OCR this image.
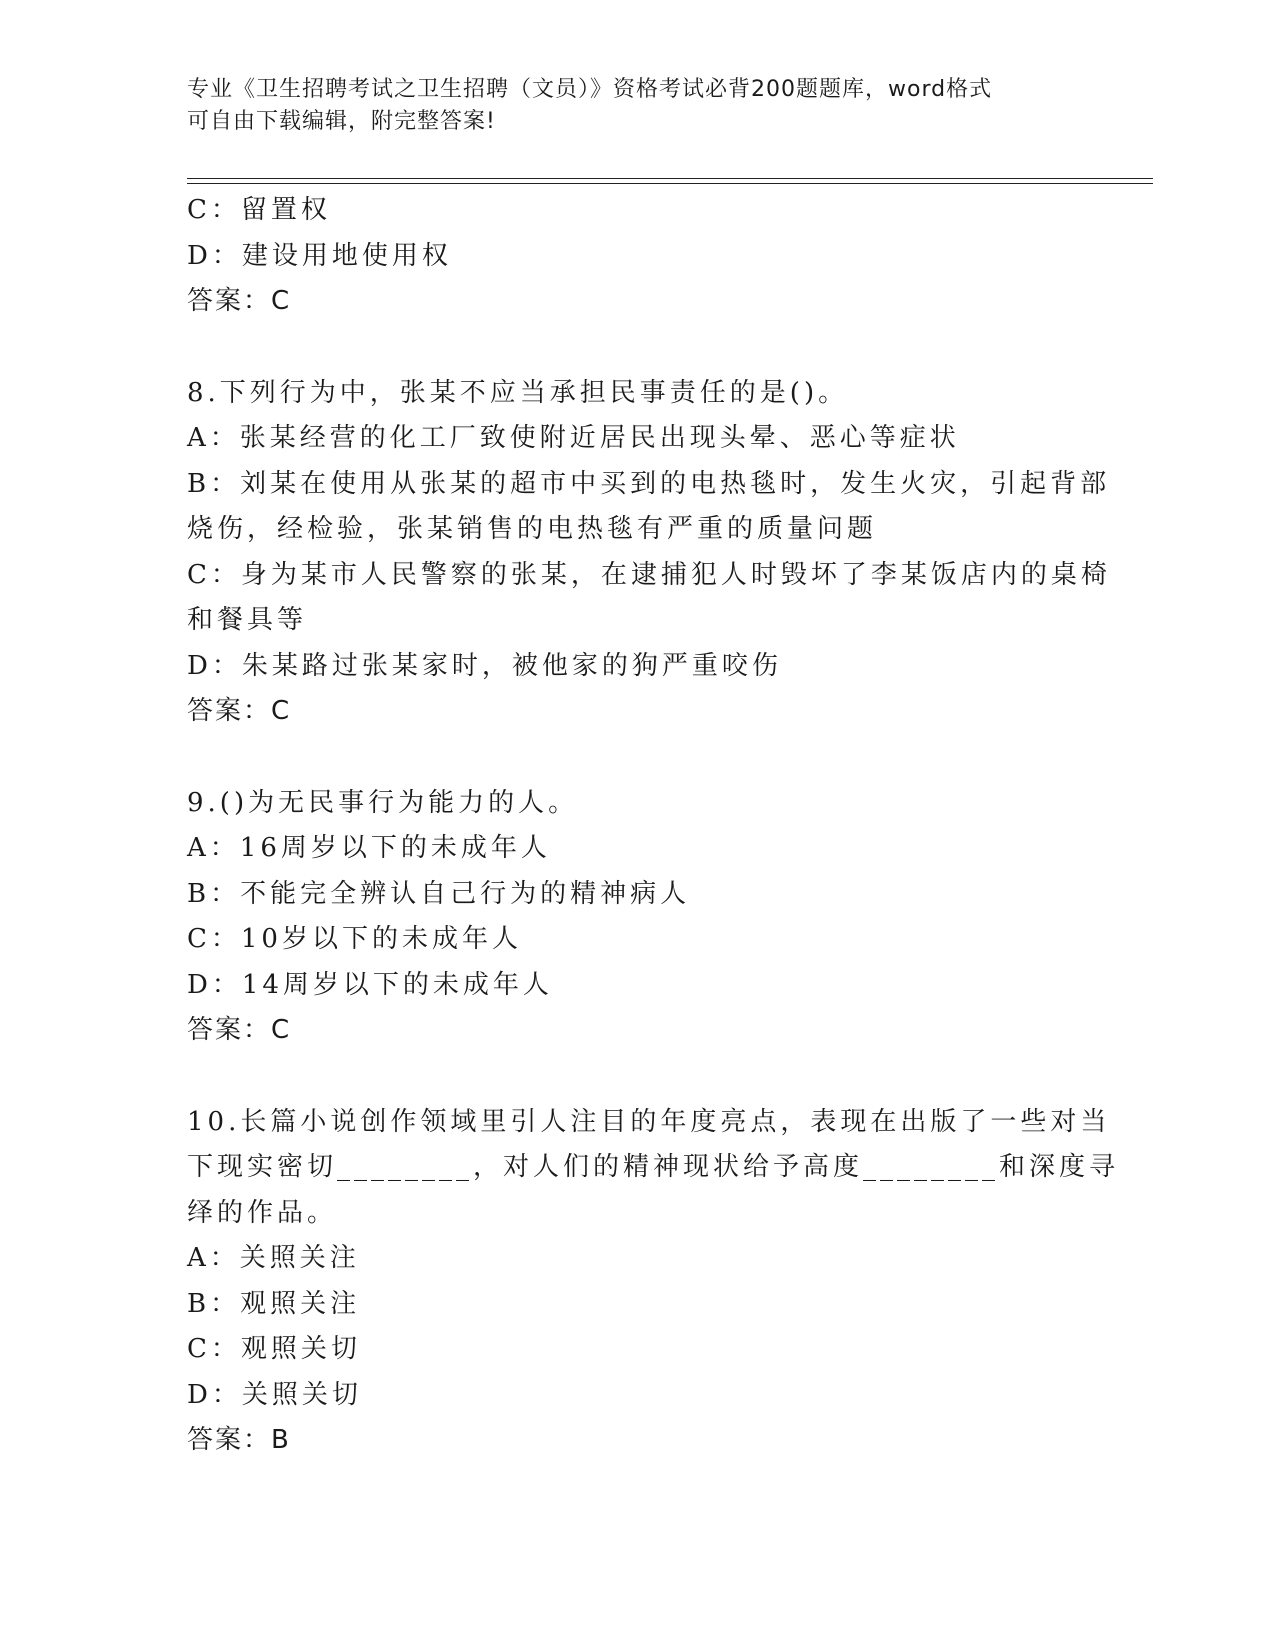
专业《卫生招聘考试之卫生招聘（文员）》资格考试必背200题题库，word格式
可自由下载编辑，附完整答案!
C：留置权
D：建设用地使用权
答案：C
8.下列行为中，张某不应当承担民事责任的是()。
A：张某经营的化工厂致使附近居民出现头晕、恶心等症状
B：刘某在使用从张某的超市中买到的电热毯时，发生火灾，引起背部
烧伤，经检验，张某销售的电热毯有严重的质量问题
C：身为某市人民警察的张某，在逮捕犯人时毁坏了李某饭店内的桌椅
和餐具等
D：朱某路过张某家时，被他家的狗严重咬伤
答案：C
9.()为无民事行为能力的人。
A：16周岁以下的未成年人
B：不能完全辨认自己行为的精神病人
C：10岁以下的未成年人
D：14周岁以下的未成年人
答案：C
10.长篇小说创作领域里引人注目的年度亮点，表现在出版了一些对当
下现实密切________，对人们的精神现状给予高度________和深度寻
绎的作品。
A：关照关注
B：观照关注
C：观照关切
D：关照关切
答案：B
